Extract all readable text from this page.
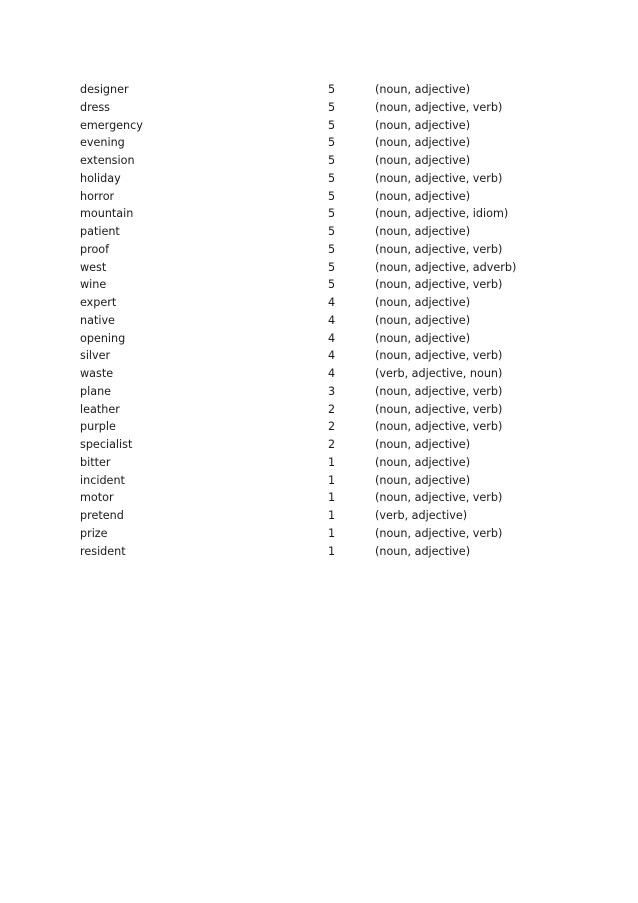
designer	5	(noun, adjective)
dress	5	(noun, adjective, verb)
emergency	5	(noun, adjective)
evening	5	(noun, adjective)
extension	5	(noun, adjective)
holiday	5	(noun, adjective, verb)
horror	5	(noun, adjective)
mountain	5	(noun, adjective, idiom)
patient	5	(noun, adjective)
proof	5	(noun, adjective, verb)
west	5	(noun, adjective, adverb)
wine	5	(noun, adjective, verb)
expert	4	(noun, adjective)
native	4	(noun, adjective)
opening	4	(noun, adjective)
silver	4	(noun, adjective, verb)
waste	4	(verb, adjective, noun)
plane	3	(noun, adjective, verb)
leather	2	(noun, adjective, verb)
purple	2	(noun, adjective, verb)
specialist	2	(noun, adjective)
bitter	1	(noun, adjective)
incident	1	(noun, adjective)
motor	1	(noun, adjective, verb)
pretend	1	(verb, adjective)
prize	1	(noun, adjective, verb)
resident	1	(noun, adjective)
